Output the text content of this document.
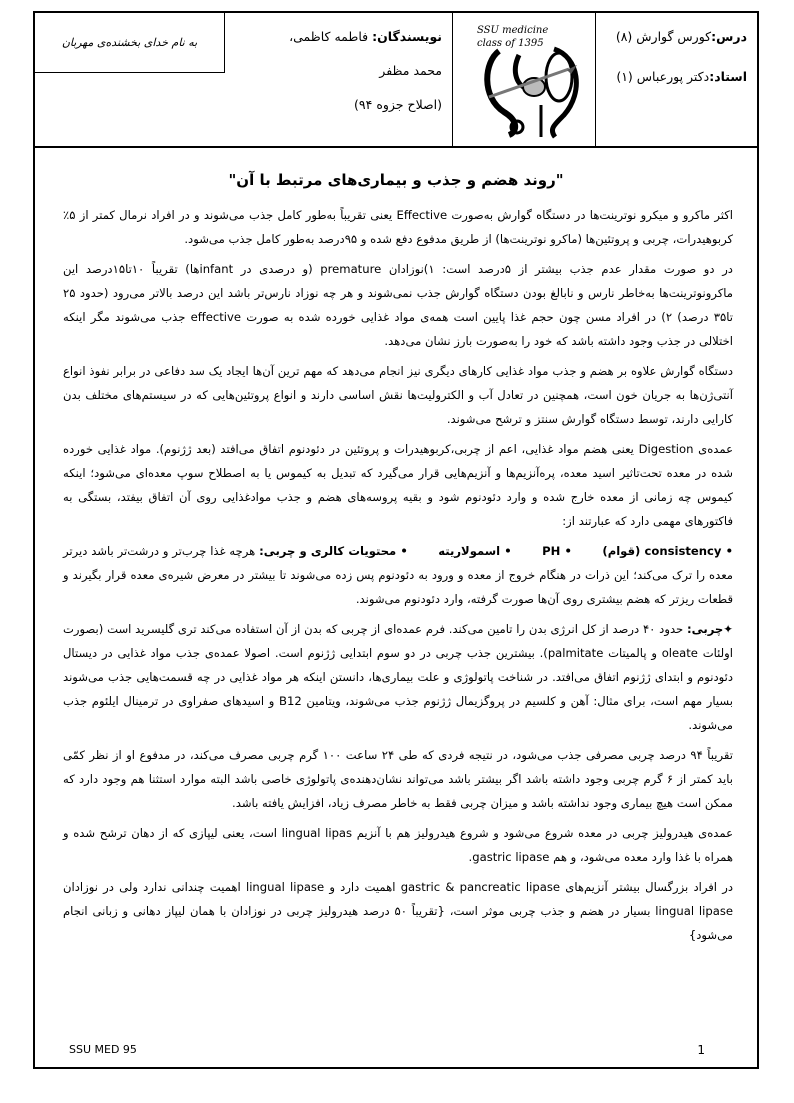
درس:کورس گوارش (۸)
استاد:دکتر پورعباس (۱)
SSU medicine
class of 1395
نویسندگان: فاطمه کاظمی،
محمد مظفر
(اصلاح جزوه ۹۴)
به نام خدای بخشنده‌ی مهربان
"روند هضم و جذب و بیماری‌های مرتبط با آن"

اکثر ماکرو و میکرو نوترینت‌ها در دستگاه گوارش به‌صورت Effective یعنی تقریباً به‌طور کامل جذب می‌شوند و در افراد نرمال کمتر از ۵٪ کربوهیدرات، چربی و پروتئین‌ها (ماکرو نوترینت‌ها) از طریق مدفوع دفع شده و ۹۵درصد به‌طور کامل جذب می‌شود.

در دو صورت مقدار عدم جذب بیشتر از ۵درصد است: ۱)نوزادان premature (و درصدی در infantها) تقریباً ۱۰تا۱۵درصد این ماکرونوترینت‌ها به‌خاطر نارس و نابالغ بودن دستگاه گوارش جذب نمی‌شوند و هر چه نوزاد نارس‌تر باشد این درصد بالاتر می‌رود (حدود ۲۵ تا۳۵ درصد) ۲) در افراد مسن چون حجم غذا پایین است همه‌ی مواد غذایی خورده شده به صورت effective جذب می‌شوند مگر اینکه اختلالی در جذب وجود داشته باشد که خود را به‌صورت بارز نشان می‌دهد.

دستگاه گوارش علاوه بر هضم و جذب مواد غذایی کارهای دیگری نیز انجام می‌دهد که مهم ترین آن‌ها ایجاد یک سد دفاعی در برابر نفوذ انواع آنتی‌ژن‌ها به جریان خون است، همچنین در تعادل آب و الکترولیت‌ها نقش اساسی دارند و انواع پروتئین‌هایی که در سیستم‌های مختلف بدن کارایی دارند، توسط دستگاه گوارش سنتز و ترشح می‌شوند.

عمده‌ی Digestion یعنی هضم مواد غذایی، اعم از چربی،کربوهیدرات و پروتئین در دئودنوم اتفاق می‌افتد (بعد ژژنوم). مواد غذایی خورده شده در معده تحت‌تاثیر اسید معده، پره‌آنزیم‌ها و آنزیم‌هایی قرار می‌گیرد که تبدیل به کیموس یا به اصطلاح سوپ معده‌ای می‌شود؛ اینکه کیموس چه زمانی از معده خارج شده و وارد دئودنوم شود و بقیه پروسه‌های هضم و جذب موادغذایی روی آن اتفاق بیفتد، بستگی به فاکتورهای مهمی دارد که عبارتند از:

• consistency (قوام)        • PH        • اسمولاریته        • محتویات کالری و چربی: هرچه غذا چرب‌تر و درشت‌تر باشد دیرتر معده را ترک می‌کند؛ این ذرات در هنگام خروج از معده و ورود به دئودنوم پس زده می‌شوند تا بیشتر در معرض شیره‌ی معده قرار بگیرند و قطعات ریزتر که هضم بیشتری روی آن‌ها صورت گرفته، وارد دئودنوم می‌شوند.

✦چربی: حدود ۴۰ درصد از کل انرژی بدن را تامین می‌کند. فرم عمده‌ای از چربی که بدن از آن استفاده می‌کند تری گلیسرید است (بصورت اولئات oleate و پالمیتات palmitate). بیشترین جذب چربی در دو سوم ابتدایی ژژنوم است. اصولا عمده‌ی جذب مواد غذایی در دیستال دئودنوم و ابتدای ژژنوم اتفاق می‌افتد. در شناخت پاتولوژی و علت بیماری‌ها، دانستن اینکه هر مواد غذایی در چه قسمت‌هایی جذب می‌شوند بسیار مهم است، برای مثال: آهن و کلسیم در پروگزیمال ژژنوم جذب می‌شوند، ویتامین B12 و اسیدهای صفراوی در ترمینال ایلئوم جذب می‌شوند.

تقریباً ۹۴ درصد چربی مصرفی جذب می‌شود، در نتیجه فردی که طی ۲۴ ساعت ۱۰۰ گرم چربی مصرف می‌کند، در مدفوع او از نظر کمّی باید کمتر از ۶ گرم چربی وجود داشته باشد اگر بیشتر باشد می‌تواند نشان‌دهنده‌ی پاتولوژی خاصی باشد البته موارد استثنا هم وجود دارد که ممکن است هیچ بیماری وجود نداشته باشد و میزان چربی فقط به خاطر مصرف زیاد، افزایش یافته باشد.

عمده‌ی هیدرولیز چربی در معده شروع می‌شود و شروع هیدرولیز هم با آنزیم lingual lipas است، یعنی لیپازی که از دهان ترشح شده و همراه با غذا وارد معده می‌شود، و هم gastric lipase.

در افراد بزرگسال بیشتر آنزیم‌های gastric & pancreatic lipase اهمیت دارد و lingual lipase اهمیت چندانی ندارد ولی در نوزادان lingual lipase بسیار در هضم و جذب چربی موثر است، {تقریباً ۵۰ درصد هیدرولیز چربی در نوزادان با همان لیپاز دهانی و زبانی انجام می‌شود}

SSU MED 95	1
